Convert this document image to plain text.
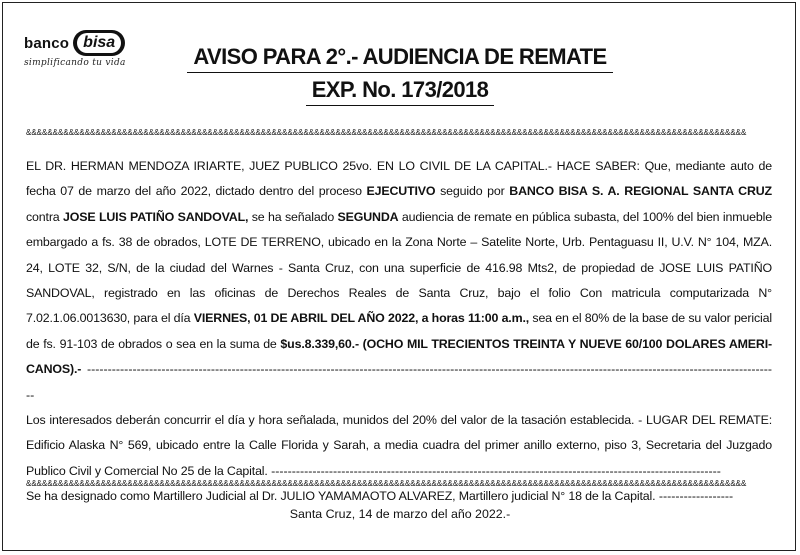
banco bisa
simplificando tu vida	AVISO PARA 2°.- AUDIENCIA DE REMATE
EXP. No. 173/2018
&&&&&&&&&&&&&&&&&&&&&&&&&&&&&&&&&&&&&&&&&&&&&&&&&&&&&&&&&&&&&&&&&&&&&&&&&&&&&&&&&&&&&&&&&&&&&&&&&&&&&&&&&&&&&&&&&&&&&&&&&&&&&&&&&&&&&&&

EL DR. HERMAN MENDOZA IRIARTE, JUEZ PUBLICO 25vo. EN LO CIVIL DE LA CAPITAL.- HACE SABER: Que, mediante auto de fecha 07 de marzo del año 2022, dictado dentro del proceso EJECUTIVO seguido por BANCO BISA S. A. REGIONAL SANTA CRUZ contra JOSE LUIS PATIÑO SANDOVAL, se ha señalado SEGUNDA audiencia de remate en pública subasta, del 100% del bien inmueble embargado a fs. 38 de obrados, LOTE DE TERRENO, ubicado en la Zona Norte – Satelite Norte, Urb. Pentaguasu II, U.V. N° 104, MZA. 24, LOTE 32, S/N, de la ciudad del Warnes - Santa Cruz, con una superficie de 416.98 Mts2, de propiedad de JOSE LUIS PATIÑO SANDOVAL, registrado en las oficinas de Derechos Reales de Santa Cruz, bajo el folio Con matricula computarizada N° 7.02.1.06.0013630, para el día VIERNES, 01 DE ABRIL DEL AÑO 2022, a horas 11:00 a.m., sea en el 80% de la base de su valor pericial de fs. 91-103 de obrados o sea en la suma de $us.8.339,60.- (OCHO MIL TRECIENTOS TREINTA Y NUEVE 60/100 DOLARES AMERI-CANOS).- ------------------------------------------------------------------------------------------------------------------------------------------------------------------------

Los interesados deberán concurrir el día y hora señalada, munidos del 20% del valor de la tasación establecida. - LUGAR DEL REMATE: Edificio Alaska N° 569, ubicado entre la Calle Florida y Sarah, a media cuadra del primer anillo externo, piso 3, Secretaria del Juzgado Publico Civil y Comercial No 25 de la Capital. -------------------------------------------------------------------------------------------------------------

Se ha designado como Martillero Judicial al Dr. JULIO YAMAMAOTO ALVAREZ, Martillero judicial N° 18 de la Capital. ------------------

&&&&&&&&&&&&&&&&&&&&&&&&&&&&&&&&&&&&&&&&&&&&&&&&&&&&&&&&&&&&&&&&&&&&&&&&&&&&&&&&&&&&&&&&&&&&&&&&&&&&&&&&&&&&&&&&&&&&&&&&&&&&&&&&&&&&&&&
Santa Cruz, 14 de marzo del año 2022.-
